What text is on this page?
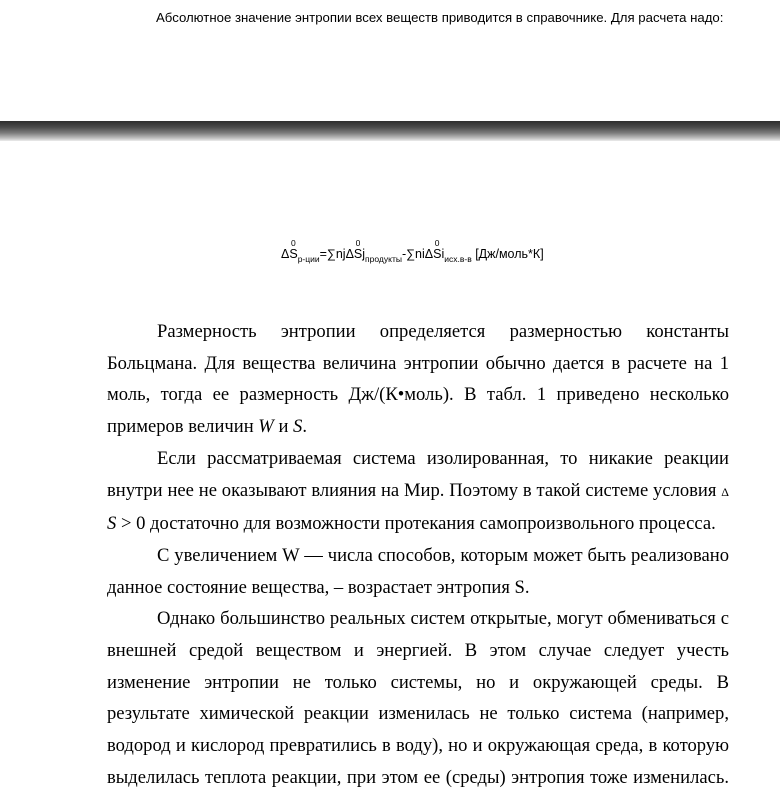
Абсолютное значение энтропии всех веществ приводится в справочнике. Для расчета надо:
ΔS
0
$_{р-ции}$=∑njΔS
0
$j_{продукты}-\sum ni\Delta S$
0
$i_{исх.в-в}$ [Дж/моль*К]

Размерность энтропии определяется размерностью константы Больцмана. Для вещества величина энтропии обычно дается в расчете на 1 моль, тогда ее размерность Дж/(К•моль). В табл. 1 приведено несколько примеров величин W и S.

Если рассматриваемая система изолированная, то никакие реакции внутри нее не оказывают влияния на Мир. Поэтому в такой системе условия Δ S > 0 достаточно для возможности протекания самопроизвольного процесса.

С увеличением W — числа способов, которым может быть реализовано данное состояние вещества, – возрастает энтропия S.

Однако большинство реальных систем открытые, могут обмениваться с внешней средой веществом и энергией. В этом случае следует учесть изменение энтропии не только системы, но и окружающей среды. В результате химической реакции изменилась не только система (например, водород и кислород превратились в воду), но и окружающая среда, в которую выделилась теплота реакции, при этом ее (среды) энтропия тоже изменилась.
